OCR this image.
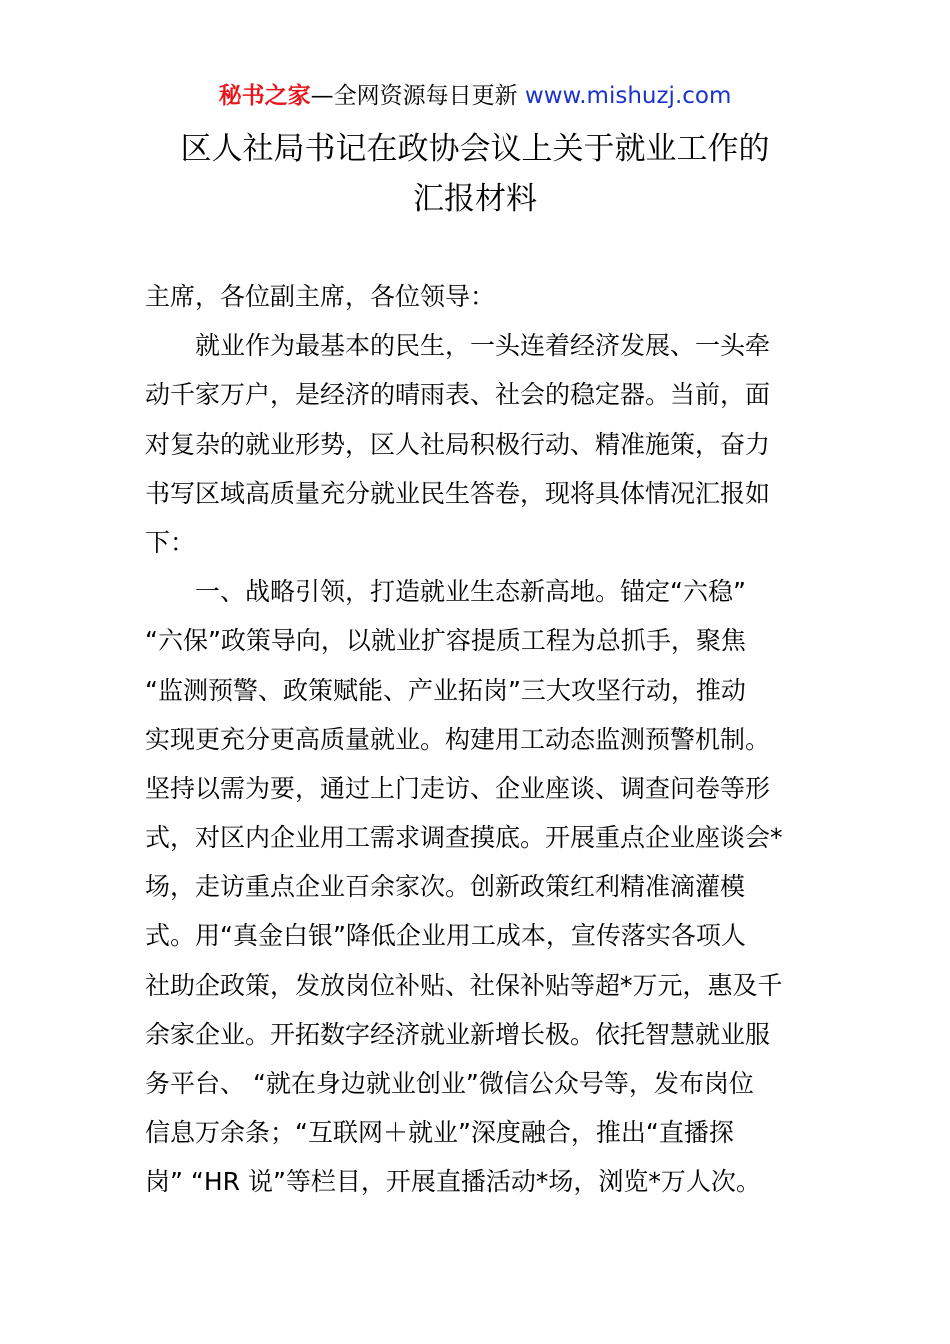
秘书之家—全网资源每日更新 www.mishuzj.com
区人社局书记在政协会议上关于就业工作的
汇报材料
主席，各位副主席，各位领导：
　　就业作为最基本的民生，一头连着经济发展、一头牵
动千家万户，是经济的晴雨表、社会的稳定器。当前，面
对复杂的就业形势，区人社局积极行动、精准施策，奋力
书写区域高质量充分就业民生答卷，现将具体情况汇报如
下：
　　一、战略引领，打造就业生态新高地。锚定“六稳”
“六保”政策导向，以就业扩容提质工程为总抓手，聚焦
“监测预警、政策赋能、产业拓岗”三大攻坚行动，推动
实现更充分更高质量就业。构建用工动态监测预警机制。
坚持以需为要，通过上门走访、企业座谈、调查问卷等形
式，对区内企业用工需求调查摸底。开展重点企业座谈会*
场，走访重点企业百余家次。创新政策红利精准滴灌模
式。用“真金白银”降低企业用工成本，宣传落实各项人
社助企政策，发放岗位补贴、社保补贴等超*万元，惠及千
余家企业。开拓数字经济就业新增长极。依托智慧就业服
务平台、 “就在身边就业创业”微信公众号等，发布岗位
信息万余条；“互联网＋就业”深度融合，推出“直播探
岗” “HR 说”等栏目，开展直播活动*场，浏览*万人次。
